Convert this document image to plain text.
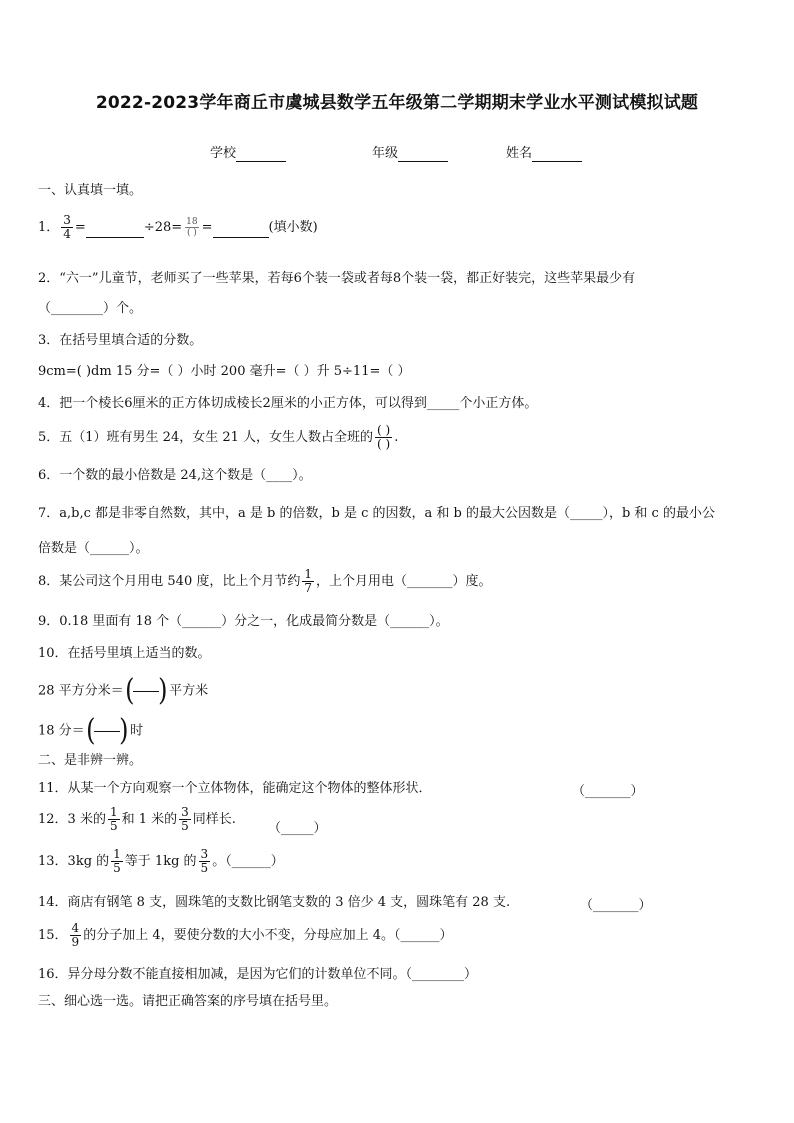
2022-2023学年商丘市虞城县数学五年级第二学期期末学业水平测试模拟试题
学校	年级	姓名
一、认真填一填。
1． $\frac{3}{4}$ =	$\div 28= \frac{18}{( )}$ =	(填小数)
2．“六一”儿童节，老师买了一些苹果，若每6个装一袋或者每8个装一袋，都正好装完，这些苹果最少有
（________）个。
3．在括号里填合适的分数。
9cm=( )dm 15 分=（ ）小时 200 毫升=（ ）升 5÷11=（ ）
4．把一个棱长6厘米的正方体切成棱长2厘米的小正方体，可以得到_____个小正方体。
5．五（1）班有男生 24，女生 21 人，女生人数占全班的 $\frac{( )}{( )}$ .
6．一个数的最小倍数是 24,这个数是（____）。
7．a,b,c 都是非零自然数，其中，a 是 b 的倍数，b 是 c 的因数，a 和 b 的最大公因数是（_____），b 和 c 的最小公
倍数是（______）。
8．某公司这个月用电 540 度，比上个月节约 $\frac{1}{7}$ ，上个月用电（_______）度。
9．0.18 里面有 18 个（______）分之一，化成最简分数是（______）。
10．在括号里填上适当的数。
28 平方分米＝( )平方米
18 分＝( )时
二、是非辨一辨。
11．从某一个方向观察一个立体物体，能确定这个物体的整体形状．	（_______）
12．3 米的 $\frac{1}{5}$ 和 1 米的 $\frac{3}{5}$ 同样长.
（_____）
13．3kg 的 $\frac{1}{5}$ 等于 1kg 的 $\frac{3}{5}$ 。（______）
14．商店有钢笔 8 支，圆珠笔的支数比钢笔支数的 3 倍少 4 支，圆珠笔有 28 支.	（_______）
15． $\frac{4}{9}$ 的分子加上 4，要使分数的大小不变，分母应加上 4。（______）
16．异分母分数不能直接相加减，是因为它们的计数单位不同。（________）
三、细心选一选。请把正确答案的序号填在括号里。
